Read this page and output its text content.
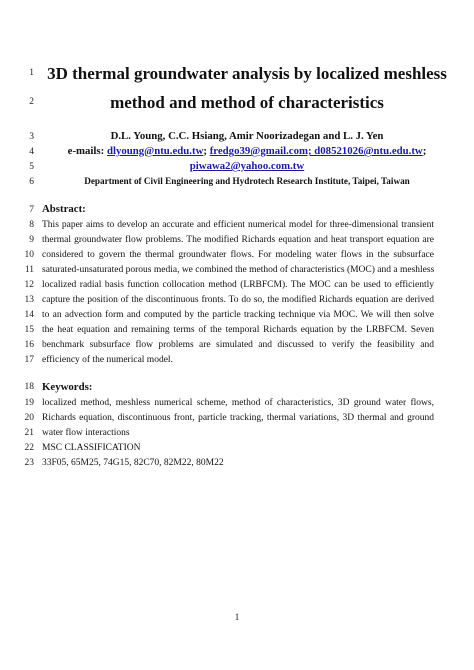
1
2
3
4
5
6
7
8
9
10
11
12
13
14
15
16
17
18
19
20
21
22
23
3D thermal groundwater analysis by localized meshless
method and method of characteristics
D.L. Young, C.C. Hsiang, Amir Noorizadegan and L. J. Yen
e-mails: dlyoung@ntu.edu.tw; fredgo39@gmail.com; d08521026@ntu.edu.tw;
piwawa2@yahoo.com.tw
Department of Civil Engineering and Hydrotech Research Institute, Taipei, Taiwan
Abstract:
This paper aims to develop an accurate and efficient numerical model for three-dimensional transient
thermal groundwater flow problems. The modified Richards equation and heat transport equation are
considered to govern the thermal groundwater flows. For modeling water flows in the subsurface
saturated-unsaturated porous media, we combined the method of characteristics (MOC) and a meshless
localized radial basis function collocation method (LRBFCM). The MOC can be used to efficiently
capture the position of the discontinuous fronts. To do so, the modified Richards equation are derived
to an advection form and computed by the particle tracking technique via MOC. We will then solve
the heat equation and remaining terms of the temporal Richards equation by the LRBFCM. Seven
benchmark subsurface flow problems are simulated and discussed to verify the feasibility and
efficiency of the numerical model.
Keywords:
localized method, meshless numerical scheme, method of characteristics, 3D ground water flows,
Richards equation, discontinuous front, particle tracking, thermal variations, 3D thermal and ground
water flow interactions
MSC CLASSIFICATION
33F05, 65M25, 74G15, 82C70, 82M22, 80M22
1
